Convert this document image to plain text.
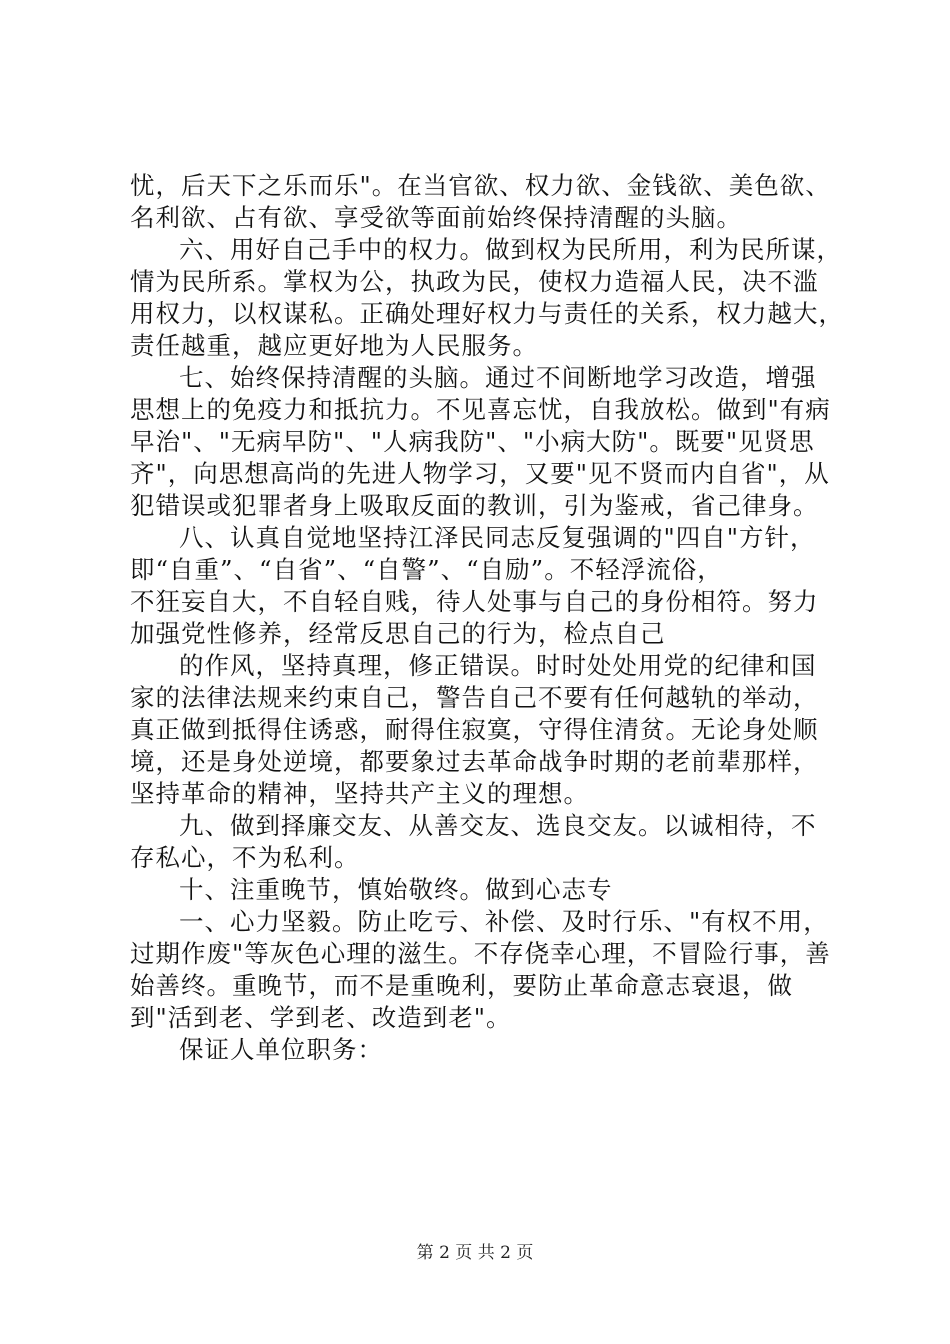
忧，后天下之乐而乐"。在当官欲、权力欲、金钱欲、美色欲、
名利欲、占有欲、享受欲等面前始终保持清醒的头脑。
六、用好自己手中的权力。做到权为民所用，利为民所谋，
情为民所系。掌权为公，执政为民，使权力造福人民，决不滥
用权力，以权谋私。正确处理好权力与责任的关系，权力越大，
责任越重，越应更好地为人民服务。
七、始终保持清醒的头脑。通过不间断地学习改造，增强
思想上的免疫力和抵抗力。不见喜忘忧，自我放松。做到"有病
早治"、"无病早防"、"人病我防"、"小病大防"。既要"见贤思
齐"，向思想高尚的先进人物学习，又要"见不贤而内自省"，从
犯错误或犯罪者身上吸取反面的教训，引为鉴戒，省己律身。
八、认真自觉地坚持江泽民同志反复强调的"四自"方针，
即“自重”、“自省”、“自警”、“自励”。不轻浮流俗，
不狂妄自大，不自轻自贱，待人处事与自己的身份相符。努力
加强党性修养，经常反思自己的行为，检点自己
的作风，坚持真理，修正错误。时时处处用党的纪律和国
家的法律法规来约束自己，警告自己不要有任何越轨的举动，
真正做到抵得住诱惑，耐得住寂寞，守得住清贫。无论身处顺
境，还是身处逆境，都要象过去革命战争时期的老前辈那样，
坚持革命的精神，坚持共产主义的理想。
九、做到择廉交友、从善交友、选良交友。以诚相待，不
存私心，不为私利。
十、注重晚节，慎始敬终。做到心志专
一、心力坚毅。防止吃亏、补偿、及时行乐、"有权不用，
过期作废"等灰色心理的滋生。不存侥幸心理，不冒险行事，善
始善终。重晚节，而不是重晚利，要防止革命意志衰退，做
到"活到老、学到老、改造到老"。
保证人单位职务：
第 2 页 共 2 页
